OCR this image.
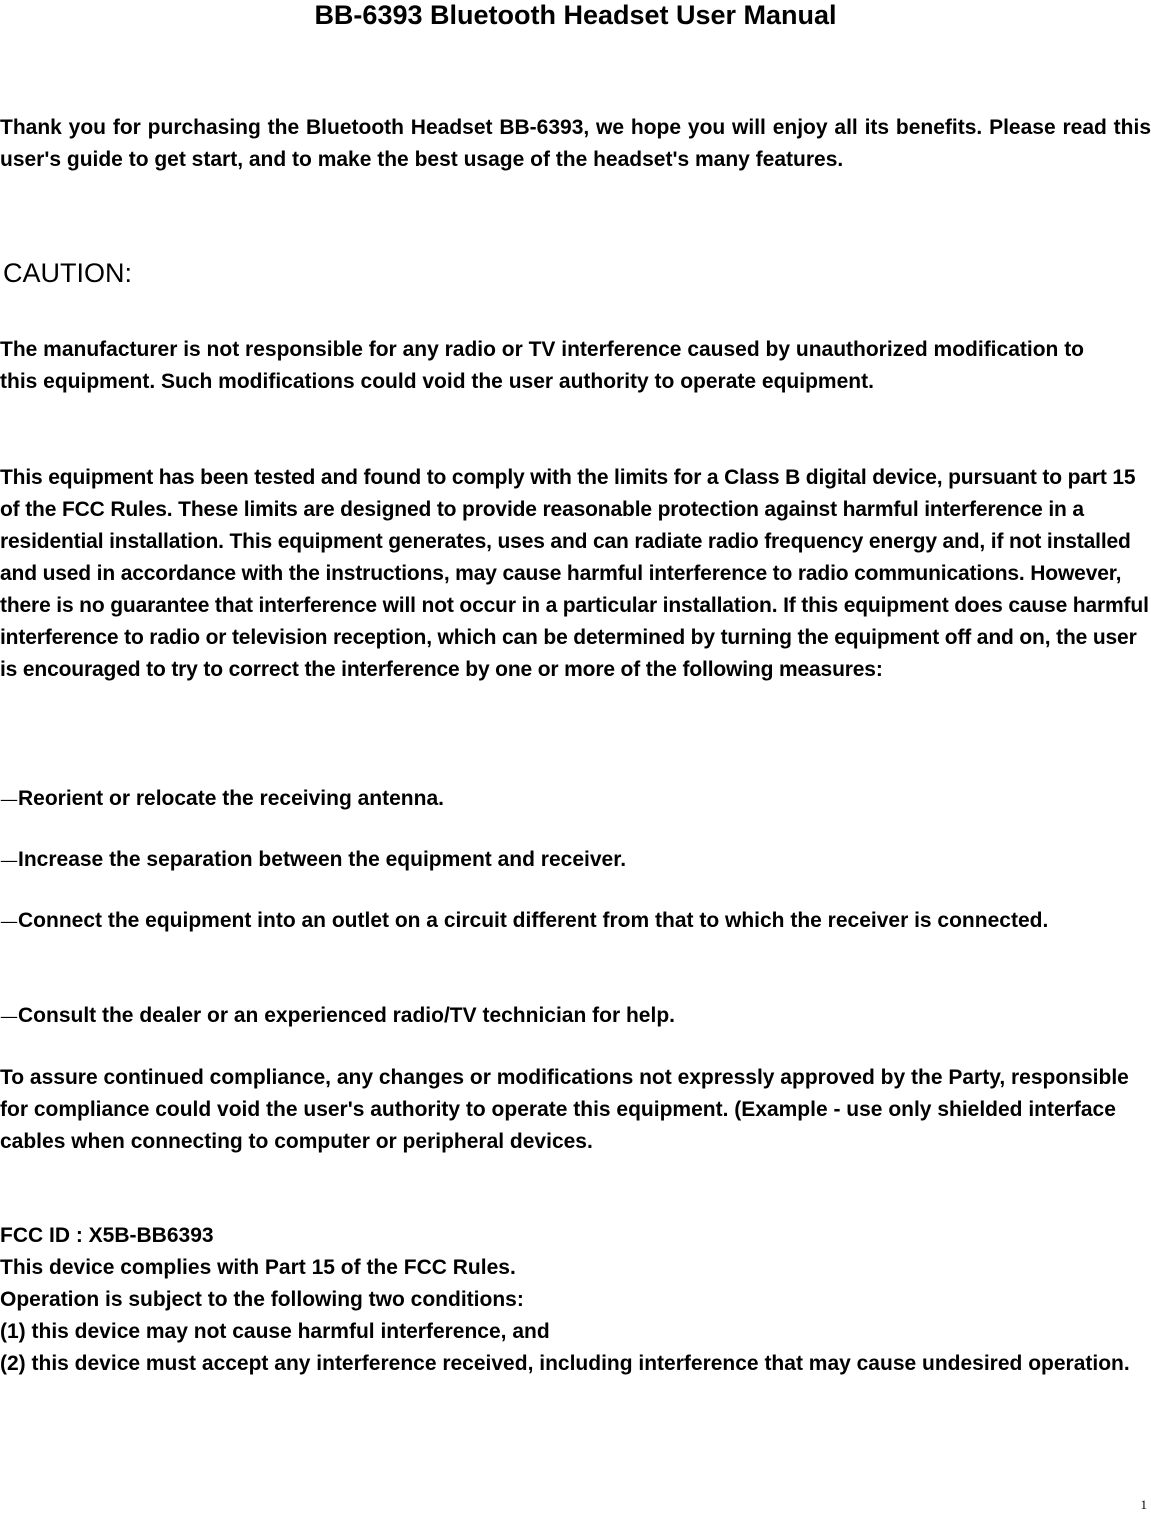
BB-6393 Bluetooth Headset User Manual

Thank you for purchasing the Bluetooth Headset BB-6393, we hope you will enjoy all its benefits. Please read this user's guide to get start, and to make the best usage of the headset's many features.

CAUTION:

The manufacturer is not responsible for any radio or TV interference caused by unauthorized modification to this equipment. Such modifications could void the user authority to operate equipment.

This equipment has been tested and found to comply with the limits for a Class B digital device, pursuant to part 15 of the FCC Rules. These limits are designed to provide reasonable protection against harmful interference in a residential installation. This equipment generates, uses and can radiate radio frequency energy and, if not installed and used in accordance with the instructions, may cause harmful interference to radio communications. However, there is no guarantee that interference will not occur in a particular installation. If this equipment does cause harmful interference to radio or television reception, which can be determined by turning the equipment off and on, the user is encouraged to try to correct the interference by one or more of the following measures:

—Reorient or relocate the receiving antenna.

—Increase the separation between the equipment and receiver.

—Connect the equipment into an outlet on a circuit different from that to which the receiver is connected.

—Consult the dealer or an experienced radio/TV technician for help.

To assure continued compliance, any changes or modifications not expressly approved by the Party, responsible for compliance could void the user's authority to operate this equipment. (Example - use only shielded interface cables when connecting to computer or peripheral devices.

FCC ID : X5B-BB6393
This device complies with Part 15 of the FCC Rules.
Operation is subject to the following two conditions:
(1) this device may not cause harmful interference, and
(2) this device must accept any interference received, including interference that may cause undesired operation.
1
